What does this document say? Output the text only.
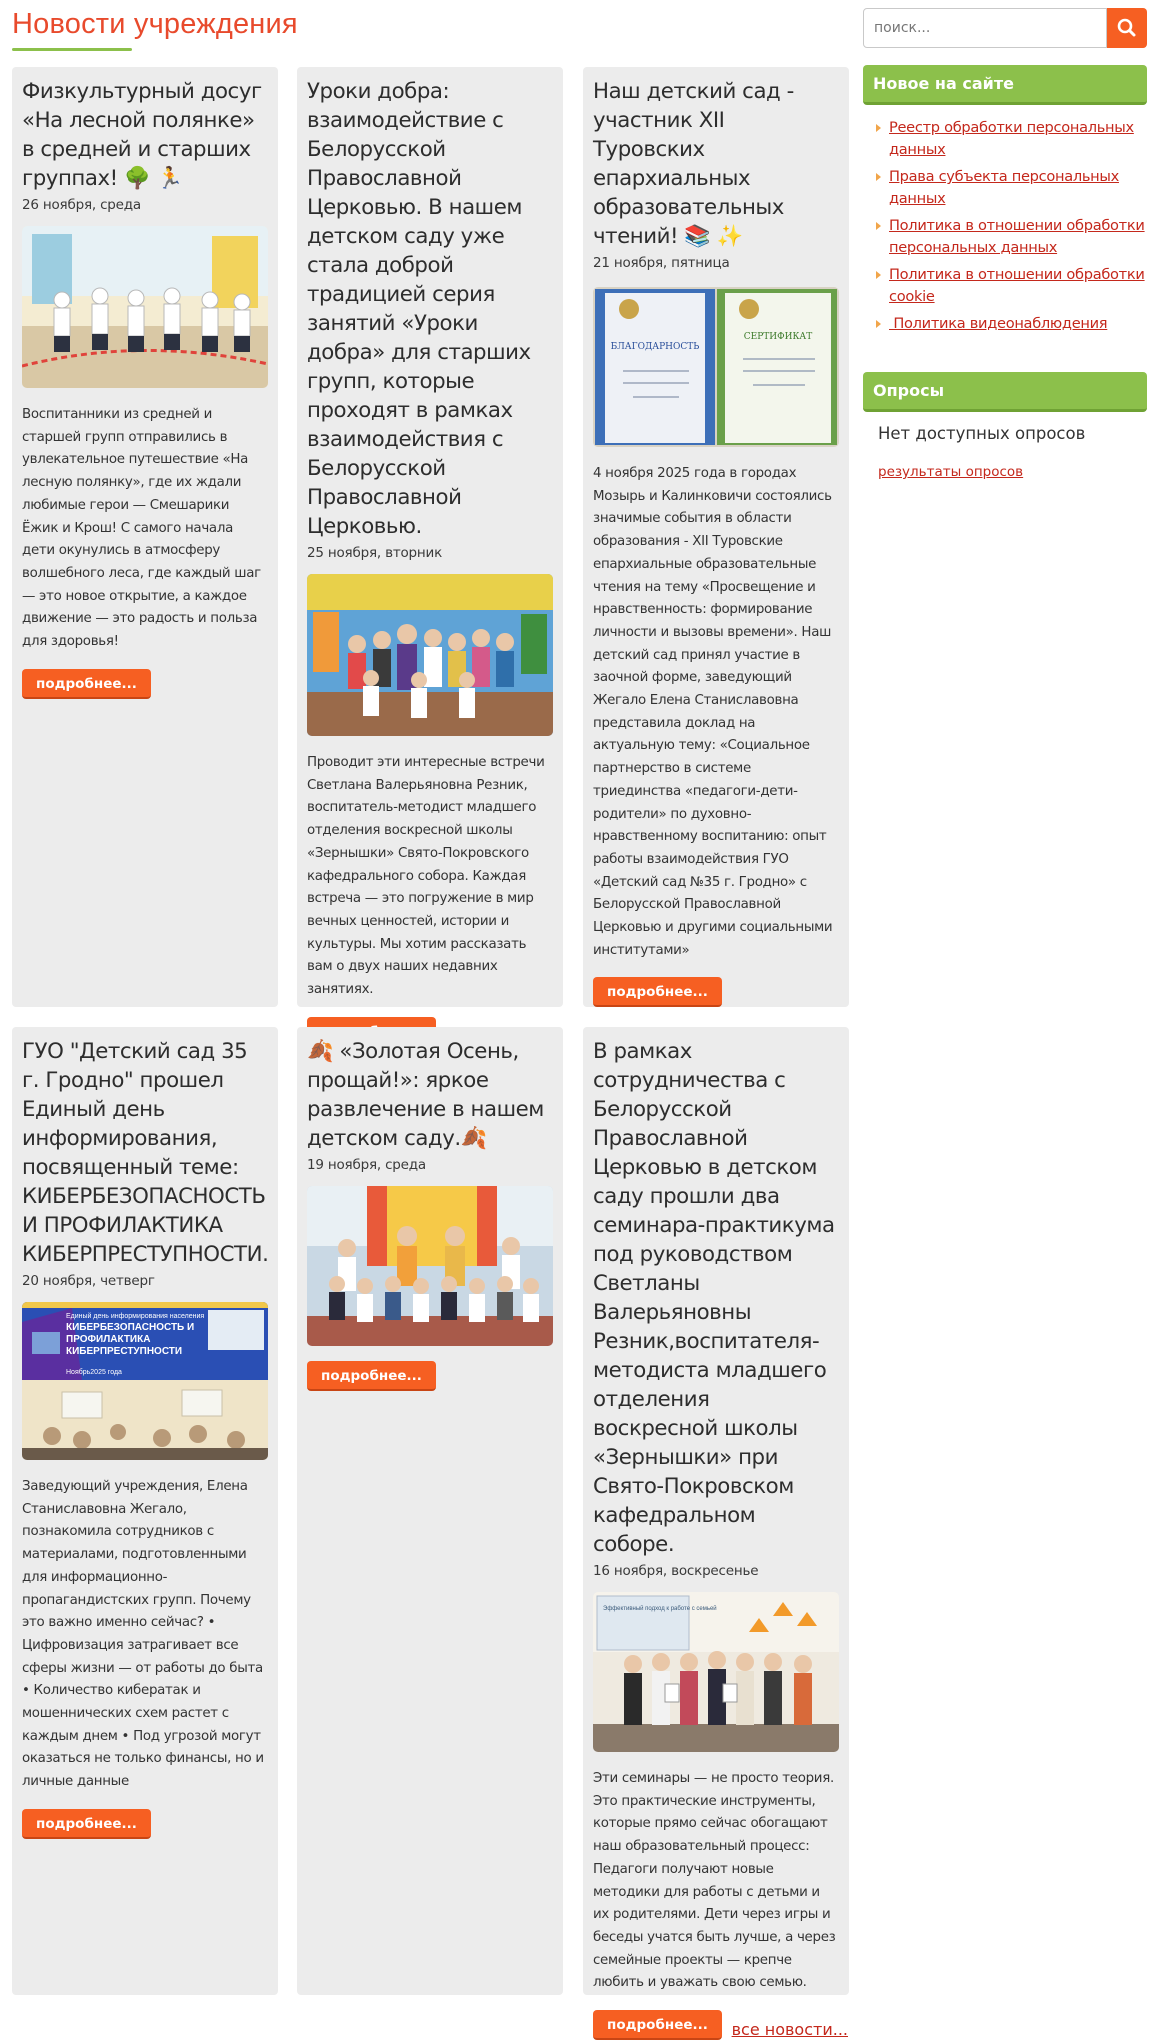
Новости учреждения
Физкультурный досуг «На лесной полянке» в средней и старших группах! 🌳 🏃
26 ноября, среда
Воспитанники из средней и старшей групп отправились в увлекательное путешествие «На лесную полянку», где их ждали любимые герои — Смешарики Ёжик и Крош! С самого начала дети окунулись в атмосферу волшебного леса, где каждый шаг — это новое открытие, а каждое движение — это радость и польза для здоровья!
подробнее...
Уроки добра: взаимодействие с Белорусской Православной Церковью. В нашем детском саду уже стала доброй традицией серия занятий «Уроки добра» для старших групп, которые проходят в рамках взаимодействия с Белорусской Православной Церковью.
25 ноября, вторник
Проводит эти интересные встречи Светлана Валерьяновна Резник, воспитатель-методист младшего отделения воскресной школы «Зернышки» Свято-Покровского кафедрального собора. Каждая встреча — это погружение в мир вечных ценностей, истории и культуры. Мы хотим рассказать вам о двух наших недавних занятиях.
Наш детский сад - участник XII Туровских епархиальных образовательных чтений! 📚 ✨
21 ноября, пятница
БЛАГОДАРНОСТЬ
СЕРТИФИКАТ
4 ноября 2025 года в городах Мозырь и Калинковичи состоялись значимые события в области образования - XII Туровские епархиальные образовательные чтения на тему «Просвещение и нравственность: формирование личности и вызовы времени». Наш детский сад принял участие в заочной форме, заведующий Жегало Елена Станиславовна представила доклад на актуальную тему: «Социальное партнерство в системе триединства «педагоги-дети-родители» по духовно-нравственному воспитанию: опыт работы взаимодействия ГУО «Детский сад №35 г. Гродно» с Белорусской Православной Церковью и другими социальными институтами»
подробнее...
ГУО "Детский сад 35 г. Гродно" прошел Единый день информирования, посвященный теме: КИБЕРБЕЗОПАСНОСТЬ И ПРОФИЛАКТИКА КИБЕРПРЕСТУПНОСТИ.
20 ноября, четверг
Единый день информирования населения
КИБЕРБЕЗОПАСНОСТЬ И ПРОФИЛАКТИКА КИБЕРПРЕСТУПНОСТИ
Ноябрь2025 года
Заведующий учреждения, Елена Станиславовна Жегало, познакомила сотрудников с материалами, подготовленными для информационно-пропагандистских групп. Почему это важно именно сейчас? • Цифровизация затрагивает все сферы жизни — от работы до быта • Количество кибератак и мошеннических схем растет с каждым днем • Под угрозой могут оказаться не только финансы, но и личные данные
подробнее...
🍂 «Золотая Осень, прощай!»: яркое развлечение в нашем детском саду.🍂
19 ноября, среда
подробнее...
В рамках сотрудничества с Белорусской Православной Церковью в детском саду прошли два семинара-практикума под руководством Светланы Валерьяновны Резник,воспитателя-методиста младшего отделения воскресной школы «Зернышки» при Свято-Покровском кафедральном соборе.
16 ноября, воскресенье
Эффективный подход к работе с семьей
Эти семинары — не просто теория. Это практические инструменты, которые прямо сейчас обогащают наш образовательный процесс: Педагоги получают новые методики для работы с детьми и их родителями. Дети через игры и беседы учатся быть лучше, а через семейные проекты — крепче любить и уважать свою семью.
подробнее...	все новости...
поиск...
Новое на сайте
Реестр обработки персональных данных
Права субъекта персональных данных
Политика в отношении обработки персональных данных
Политика в отношении обработки cookie
Политика видеонаблюдения
Опросы
Нет доступных опросов
результаты опросов
